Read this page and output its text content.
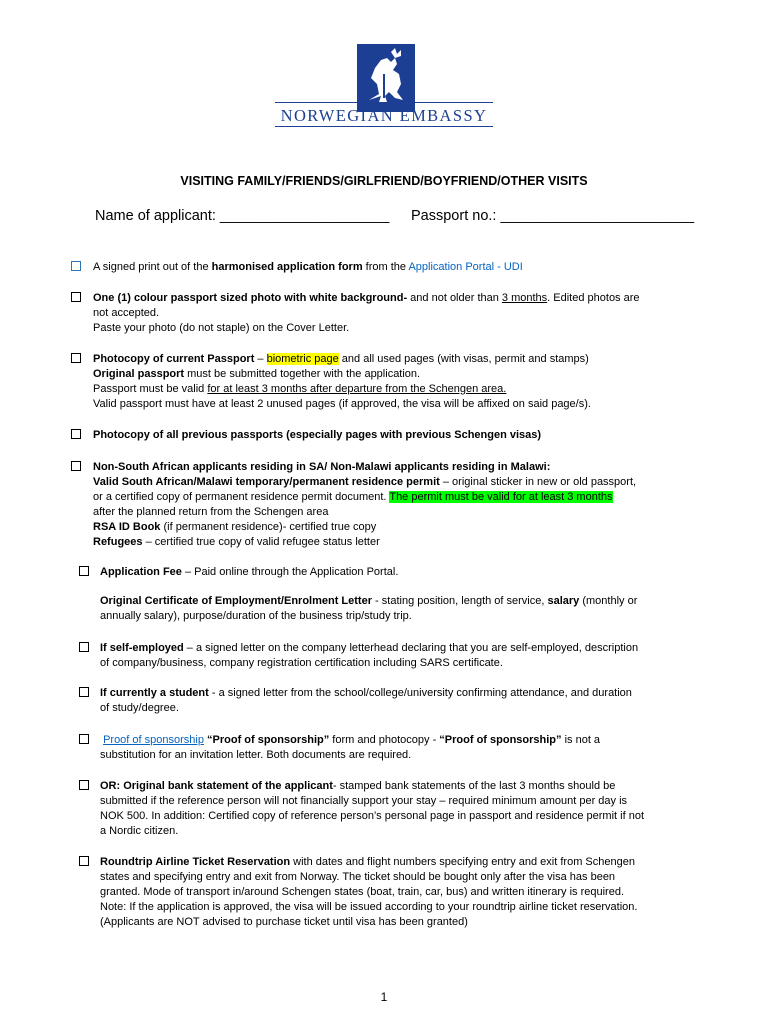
NORWEGIAN EMBASSY
VISITING FAMILY/FRIENDS/GIRLFRIEND/BOYFRIEND/OTHER VISITS
Name of applicant: _____________________ Passport no.: ________________________
A signed print out of the harmonised application form from the Application Portal - UDI
One (1) colour passport sized photo with white background- and not older than 3 months. Edited photos are
not accepted.
Paste your photo (do not staple) on the Cover Letter.
Photocopy of current Passport – biometric page and all used pages (with visas, permit and stamps)
Original passport must be submitted together with the application.
Passport must be valid for at least 3 months after departure from the Schengen area.
Valid passport must have at least 2 unused pages (if approved, the visa will be affixed on said page/s).
Photocopy of all previous passports (especially pages with previous Schengen visas)
Non-South African applicants residing in SA/ Non-Malawi applicants residing in Malawi:
Valid South African/Malawi temporary/permanent residence permit – original sticker in new or old passport,
or a certified copy of permanent residence permit document. The permit must be valid for at least 3 months
after the planned return from the Schengen area
RSA ID Book (if permanent residence)- certified true copy
Refugees – certified true copy of valid refugee status letter
Application Fee – Paid online through the Application Portal.
Original Certificate of Employment/Enrolment Letter - stating position, length of service, salary (monthly or
annually salary), purpose/duration of the business trip/study trip.
If self-employed – a signed letter on the company letterhead declaring that you are self-employed, description
of company/business, company registration certification including SARS certificate.
If currently a student - a signed letter from the school/college/university confirming attendance, and duration
of study/degree.
Proof of sponsorship “Proof of sponsorship” form and photocopy - “Proof of sponsorship” is not a
substitution for an invitation letter. Both documents are required.
OR: Original bank statement of the applicant- stamped bank statements of the last 3 months should be
submitted if the reference person will not financially support your stay – required minimum amount per day is
NOK 500. In addition: Certified copy of reference person’s personal page in passport and residence permit if not
a Nordic citizen.
Roundtrip Airline Ticket Reservation with dates and flight numbers specifying entry and exit from Schengen
states and specifying entry and exit from Norway. The ticket should be bought only after the visa has been
granted. Mode of transport in/around Schengen states (boat, train, car, bus) and written itinerary is required.
Note: If the application is approved, the visa will be issued according to your roundtrip airline ticket reservation.
(Applicants are NOT advised to purchase ticket until visa has been granted)
1
